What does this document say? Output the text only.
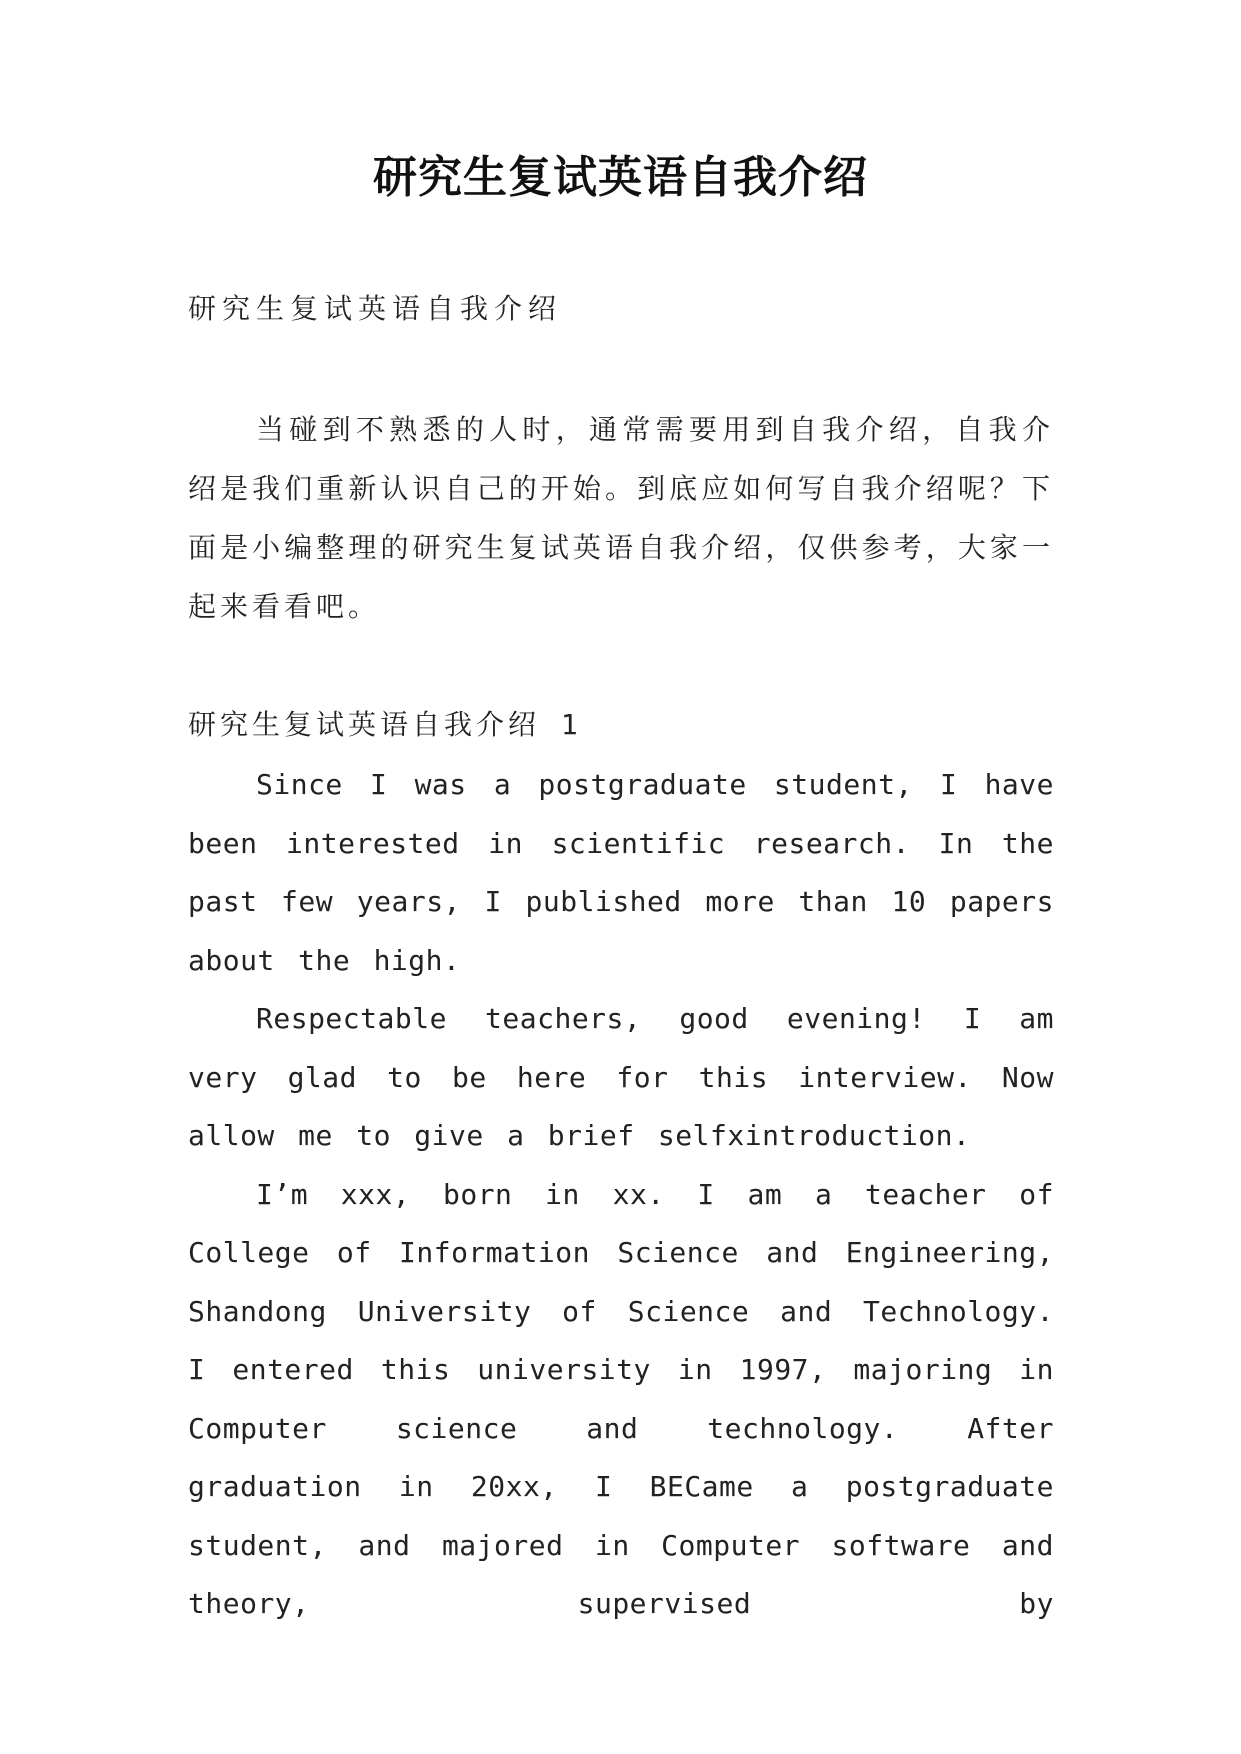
研究生复试英语自我介绍

研究生复试英语自我介绍

当碰到不熟悉的人时，通常需要用到自我介绍，自我介绍是我们重新认识自己的开始。到底应如何写自我介绍呢？下面是小编整理的研究生复试英语自我介绍，仅供参考，大家一起来看看吧。

研究生复试英语自我介绍 1

Since I was a postgraduate student, I have been interested in scientific research. In the past few years, I published more than 10 papers about the high.

Respectable teachers, good evening! I am very glad to be here for this interview. Now allow me to give a brief selfxintroduction.

I’m xxx, born in xx. I am a teacher of College of Information Science and Engineering, Shandong University of Science and Technology. I entered this university in 1997, majoring in Computer science and technology. After graduation in 20xx, I BECame a postgraduate student, and majored in Computer software and theory, supervised by
